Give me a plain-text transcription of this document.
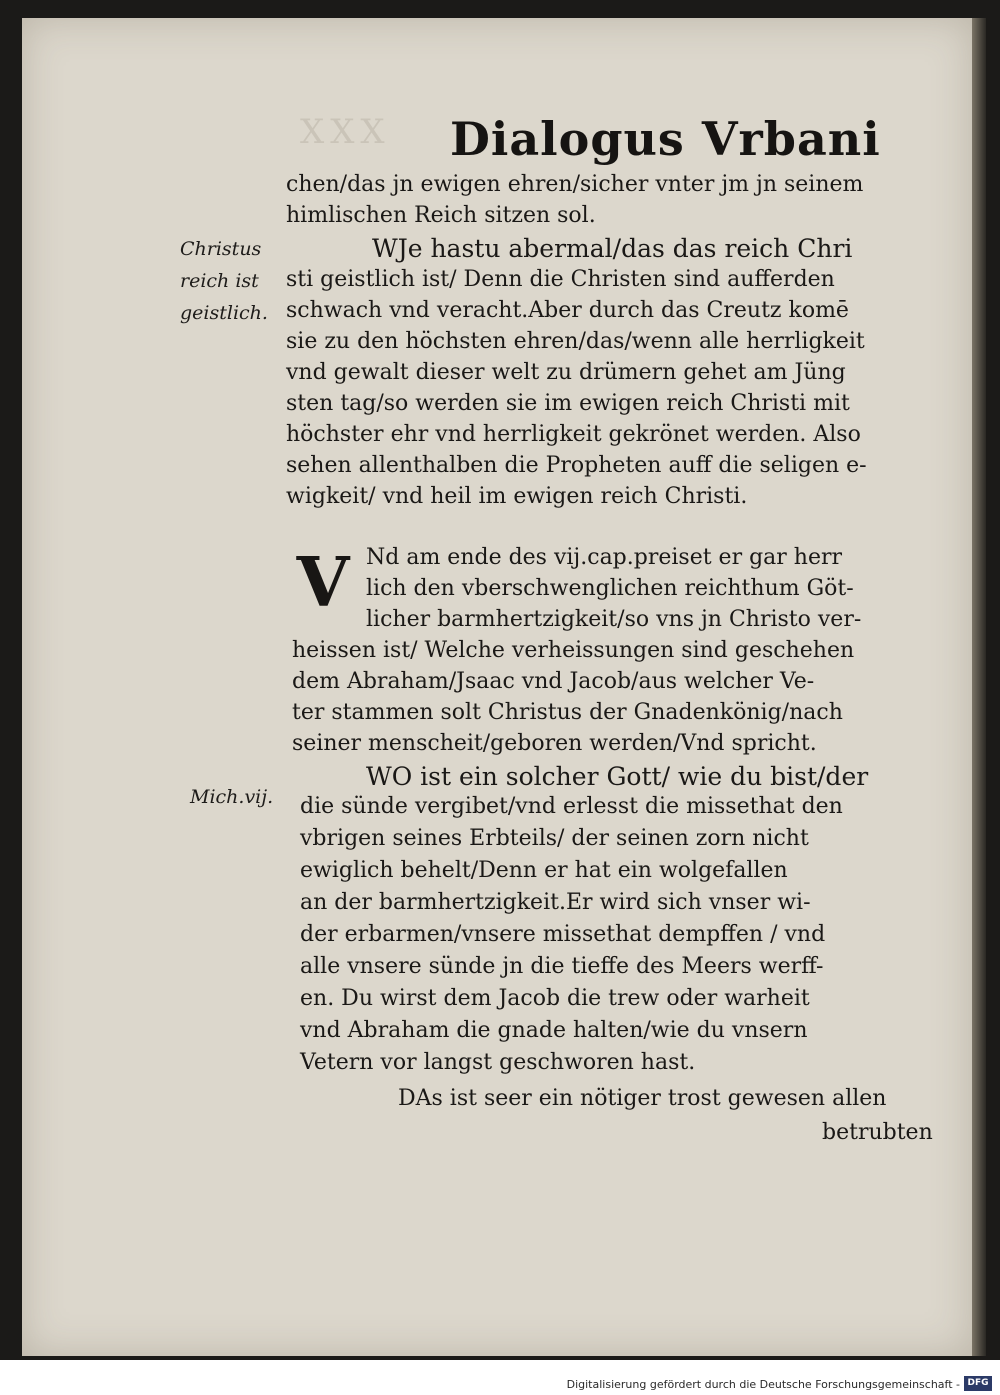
XXX Dialogus Vrbani
Christus
reich ist
geistlich.
Mich.vij.
V
chen/das jn ewigen ehren/sicher vnter jm jn seinem
himlischen Reich sitzen sol.
WJe hastu abermal/das das reich Chri
sti geistlich ist/ Denn die Christen sind aufferden
schwach vnd veracht.Aber durch das Creutz komē
sie zu den höchsten ehren/das/wenn alle herrligkeit
vnd gewalt dieser welt zu drümern gehet am Jüng
sten tag/so werden sie im ewigen reich Christi mit
höchster ehr vnd herrligkeit gekrönet werden. Also
sehen allenthalben die Propheten auff die seligen e-
wigkeit/ vnd heil im ewigen reich Christi.
Nd am ende des vij.cap.preiset er gar herr
lich den vberschwenglichen reichthum Göt-
licher barmhertzigkeit/so vns jn Christo ver-
heissen ist/ Welche verheissungen sind geschehen
dem Abraham/Jsaac vnd Jacob/aus welcher Ve-
ter stammen solt Christus der Gnadenkönig/nach
seiner menscheit/geboren werden/Vnd spricht.
WO ist ein solcher Gott/ wie du bist/der
die sünde vergibet/vnd erlesst die missethat den
vbrigen seines Erbteils/ der seinen zorn nicht
ewiglich behelt/Denn er hat ein wolgefallen
an der barmhertzigkeit.Er wird sich vnser wi-
der erbarmen/vnsere missethat dempffen / vnd
alle vnsere sünde jn die tieffe des Meers werff-
en. Du wirst dem Jacob die trew oder warheit
vnd Abraham die gnade halten/wie du vnsern
Vetern vor langst geschworen hast.
DAs ist seer ein nötiger trost gewesen allen
betrubten
Digitalisierung gefördert durch die Deutsche Forschungsgemeinschaft - DFG
